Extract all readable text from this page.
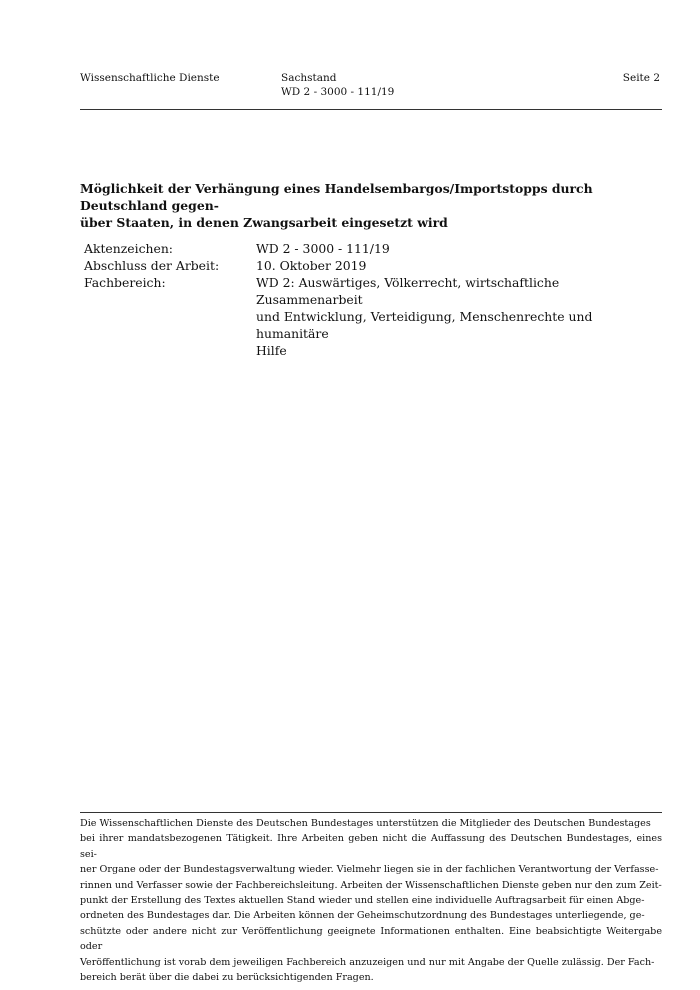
Wissenschaftliche Dienste	Sachstand
WD 2 - 3000 - 111/19
Seite 2
Möglichkeit der Verhängung eines Handelsembargos/Importstopps durch Deutschland gegen-
über Staaten, in denen Zwangsarbeit eingesetzt wird
Aktenzeichen:	WD 2 - 3000 - 111/19
Abschluss der Arbeit:	10. Oktober 2019
Fachbereich:	WD 2: Auswärtiges, Völkerrecht, wirtschaftliche Zusammenarbeit
und Entwicklung, Verteidigung, Menschenrechte und humanitäre
Hilfe
Die Wissenschaftlichen Dienste des Deutschen Bundestages unterstützen die Mitglieder des Deutschen Bundestages
bei ihrer mandatsbezogenen Tätigkeit. Ihre Arbeiten geben nicht die Auffassung des Deutschen Bundestages, eines sei-
ner Organe oder der Bundestagsverwaltung wieder. Vielmehr liegen sie in der fachlichen Verantwortung der Verfasse-
rinnen und Verfasser sowie der Fachbereichsleitung. Arbeiten der Wissenschaftlichen Dienste geben nur den zum Zeit-
punkt der Erstellung des Textes aktuellen Stand wieder und stellen eine individuelle Auftragsarbeit für einen Abge-
ordneten des Bundestages dar. Die Arbeiten können der Geheimschutzordnung des Bundestages unterliegende, ge-
schützte oder andere nicht zur Veröffentlichung geeignete Informationen enthalten. Eine beabsichtigte Weitergabe oder
Veröffentlichung ist vorab dem jeweiligen Fachbereich anzuzeigen und nur mit Angabe der Quelle zulässig. Der Fach-
bereich berät über die dabei zu berücksichtigenden Fragen.
